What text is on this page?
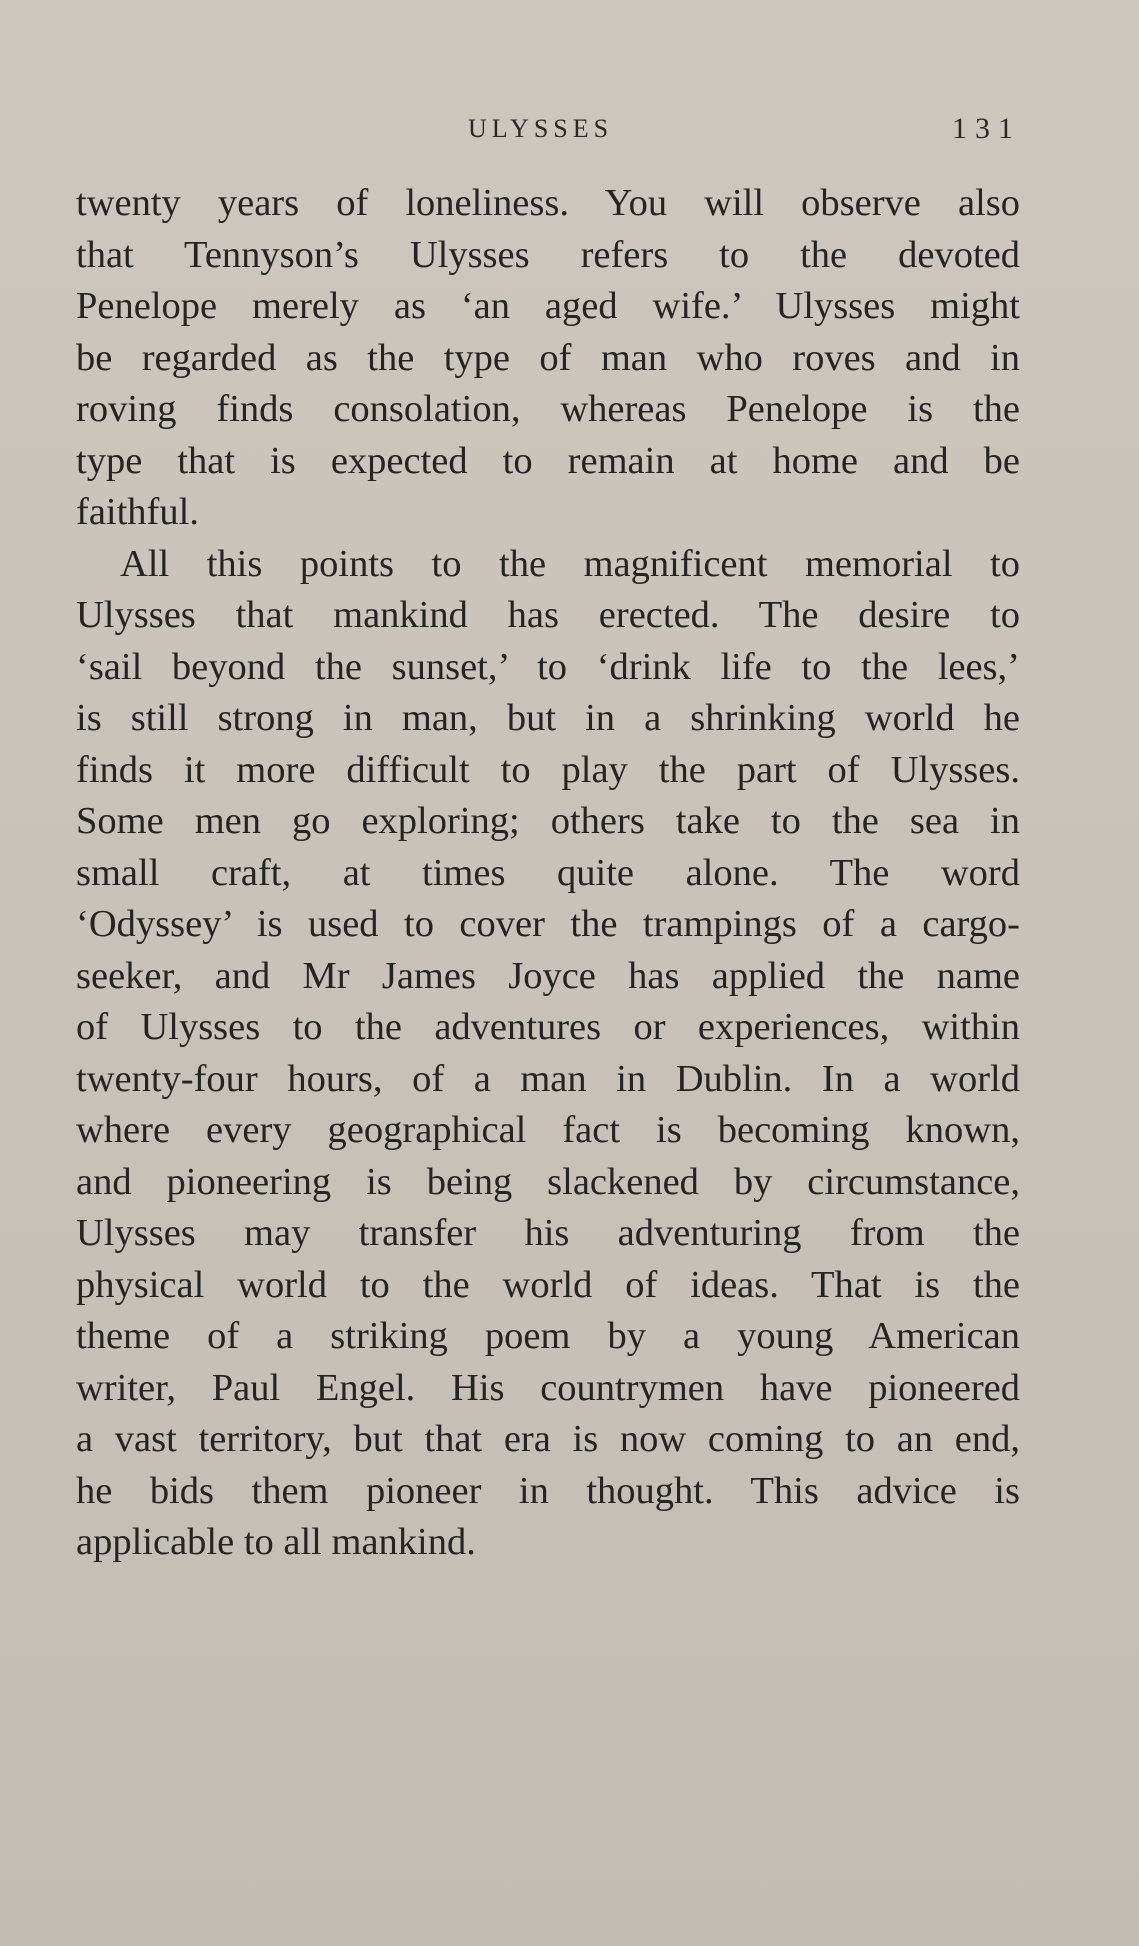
ULYSSES	131
twenty years of loneliness. You will observe also
that Tennyson’s Ulysses refers to the devoted
Penelope merely as ‘an aged wife.’ Ulysses might
be regarded as the type of man who roves and in
roving finds consolation, whereas Penelope is the
type that is expected to remain at home and be
faithful.
All this points to the magnificent memorial to
Ulysses that mankind has erected. The desire to
‘sail beyond the sunset,’ to ‘drink life to the lees,’
is still strong in man, but in a shrinking world he
finds it more difficult to play the part of Ulysses.
Some men go exploring; others take to the sea in
small craft, at times quite alone. The word
‘Odyssey’ is used to cover the trampings of a cargo-
seeker, and Mr James Joyce has applied the name
of Ulysses to the adventures or experiences, within
twenty-four hours, of a man in Dublin. In a world
where every geographical fact is becoming known,
and pioneering is being slackened by circumstance,
Ulysses may transfer his adventuring from the
physical world to the world of ideas. That is the
theme of a striking poem by a young American
writer, Paul Engel. His countrymen have pioneered
a vast territory, but that era is now coming to an end,
he bids them pioneer in thought. This advice is
applicable to all mankind.
